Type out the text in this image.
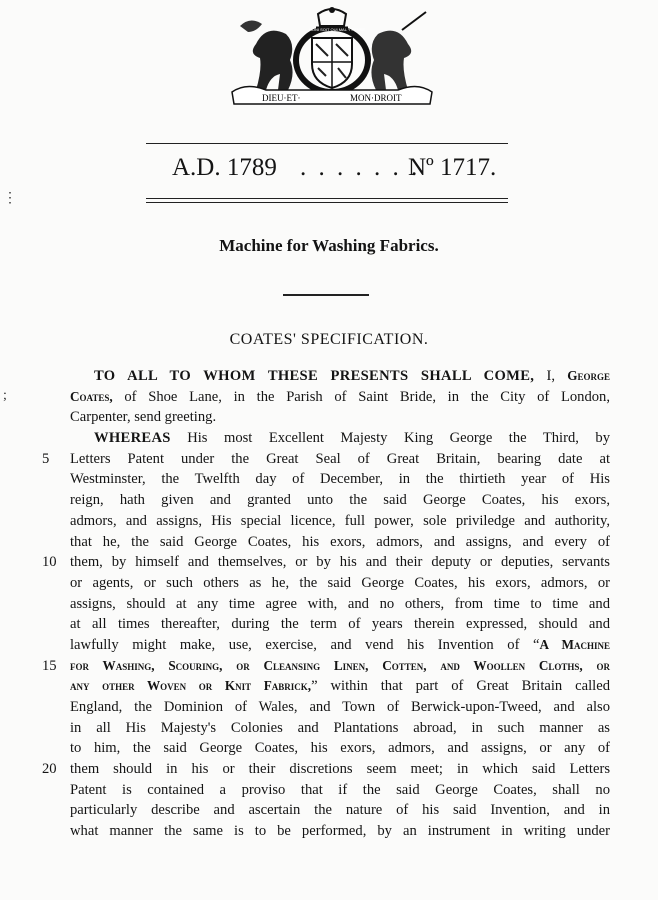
DIEU·ET·	MON·DROIT
HONI SOIT QUI MAL Y PENSE
A.D. 1789 . . . . . . .
Nº 1717.
Machine for Washing Fabrics.
COATES' SPECIFICATION.
⋮
;
TO ALL TO WHOM THESE PRESENTS SHALL COME, I, George
Coates, of Shoe Lane, in the Parish of Saint Bride, in the City of London,
Carpenter, send greeting.
WHEREAS His most Excellent Majesty King George the Third, by
5 Letters Patent under the Great Seal of Great Britain, bearing date at
Westminster, the Twelfth day of December, in the thirtieth year of His
reign, hath given and granted unto the said George Coates, his exors,
admors, and assigns, His special licence, full power, sole priviledge and authority,
that he, the said George Coates, his exors, admors, and assigns, and every of
10 them, by himself and themselves, or by his and their deputy or deputies, servants
or agents, or such others as he, the said George Coates, his exors, admors, or
assigns, should at any time agree with, and no others, from time to time and
at all times thereafter, during the term of years therein expressed, should and
lawfully might make, use, exercise, and vend his Invention of “A Machine
15 for Washing, Scouring, or Cleansing Linen, Cotten, and Woollen Cloths, or
any other Woven or Knit Fabrick,” within that part of Great Britain called
England, the Dominion of Wales, and Town of Berwick-upon-Tweed, and also
in all His Majesty's Colonies and Plantations abroad, in such manner as
to him, the said George Coates, his exors, admors, and assigns, or any of
20 them should in his or their discretions seem meet; in which said Letters
Patent is contained a proviso that if the said George Coates, shall no
particularly describe and ascertain the nature of his said Invention, and in
what manner the same is to be performed, by an instrument in writing under
